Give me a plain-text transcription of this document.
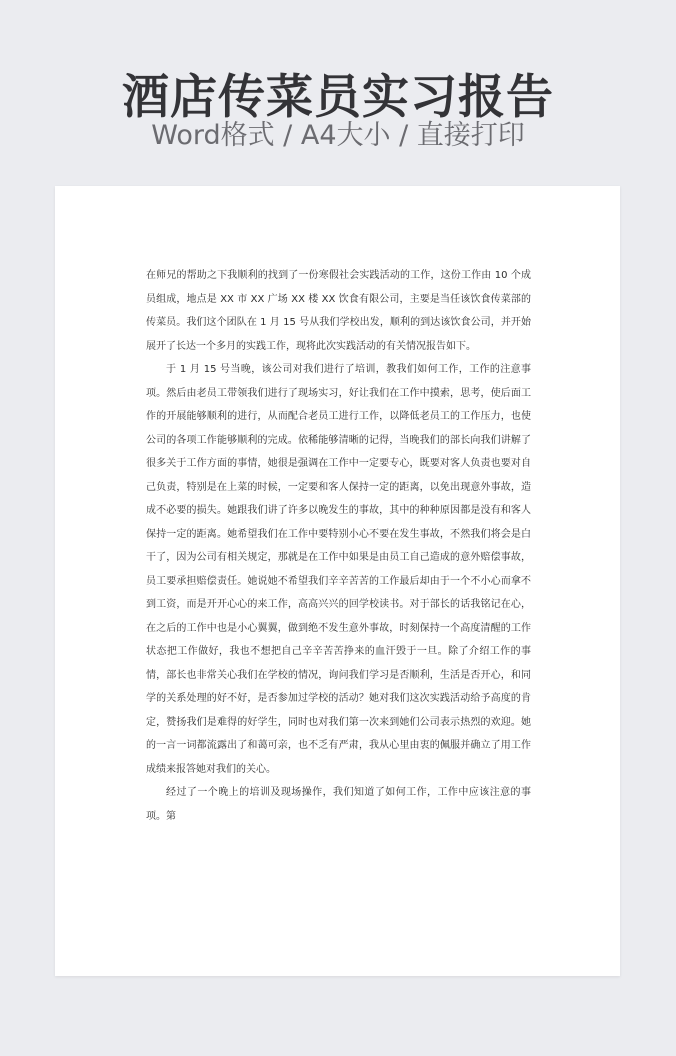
酒店传菜员实习报告
Word格式 / A4大小 / 直接打印

在师兄的帮助之下我顺利的找到了一份寒假社会实践活动的工作，这份工作由 10 个成员组成，地点是 XX 市 XX 广场 XX 楼 XX 饮食有限公司，主要是当任该饮食传菜部的传菜员。我们这个团队在 1 月 15 号从我们学校出发，顺利的到达该饮食公司，并开始展开了长达一个多月的实践工作，现将此次实践活动的有关情况报告如下。

于 1 月 15 号当晚，该公司对我们进行了培训，教我们如何工作，工作的注意事项。然后由老员工带领我们进行了现场实习，好让我们在工作中摸索，思考，使后面工作的开展能够顺利的进行，从而配合老员工进行工作，以降低老员工的工作压力，也使公司的各项工作能够顺利的完成。依稀能够清晰的记得，当晚我们的部长向我们讲解了很多关于工作方面的事情，她很是强调在工作中一定要专心，既要对客人负责也要对自己负责，特别是在上菜的时候，一定要和客人保持一定的距离，以免出现意外事故，造成不必要的损失。她跟我们讲了许多以晚发生的事故，其中的种种原因都是没有和客人保持一定的距离。她希望我们在工作中要特别小心不要在发生事故，不然我们将会是白干了，因为公司有相关规定，那就是在工作中如果是由员工自己造成的意外赔偿事故，员工要承担赔偿责任。她说她不希望我们辛辛苦苦的工作最后却由于一个不小心而拿不到工资，而是开开心心的来工作，高高兴兴的回学校读书。对于部长的话我铭记在心，在之后的工作中也是小心翼翼，做到绝不发生意外事故，时刻保持一个高度清醒的工作状态把工作做好，我也不想把自己辛辛苦苦挣来的血汗毁于一旦。除了介绍工作的事情，部长也非常关心我们在学校的情况，询问我们学习是否顺利，生活是否开心，和同学的关系处理的好不好，是否参加过学校的活动？她对我们这次实践活动给予高度的肯定，赞扬我们是难得的好学生，同时也对我们第一次来到她们公司表示热烈的欢迎。她的一言一词都流露出了和蔼可亲，也不乏有严肃，我从心里由衷的佩服并确立了用工作成绩来报答她对我们的关心。

经过了一个晚上的培训及现场操作，我们知道了如何工作，工作中应该注意的事项。第
